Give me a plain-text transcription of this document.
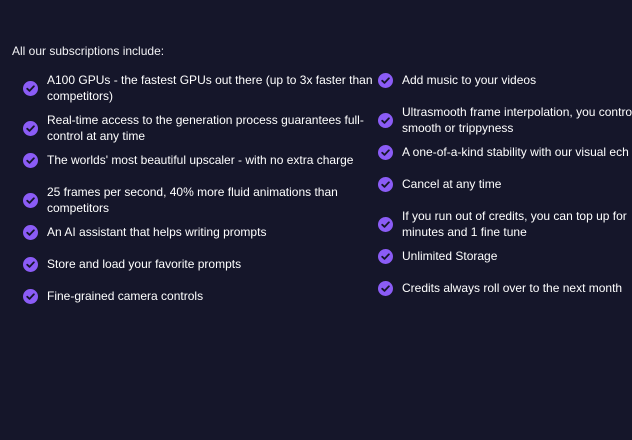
All our subscriptions include:
A100 GPUs - the fastest GPUs out there (up to 3x faster than
competitors)
Real-time access to the generation process guarantees full-
control at any time
The worlds' most beautiful upscaler - with no extra charge
25 frames per second, 40% more fluid animations than
competitors
An AI assistant that helps writing prompts
Store and load your favorite prompts
Fine-grained camera controls
Add music to your videos
Ultrasmooth frame interpolation, you contro
smooth or trippyness
A one-of-a-kind stability with our visual ech
Cancel at any time
If you run out of credits, you can top up for
minutes and 1 fine tune
Unlimited Storage
Credits always roll over to the next month
